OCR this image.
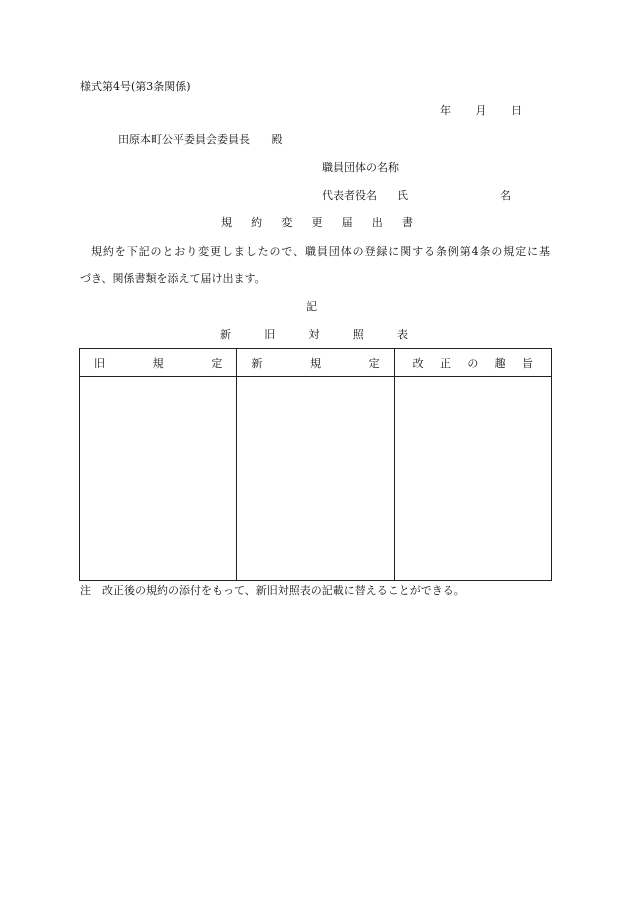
様式第4号(第3条関係)
年 月 日
田原本町公平委員会委員長 殿
職員団体の名称
代表者役名 氏	名
規 約 変 更 届 出 書
規約を下記のとおり変更しましたので、職員団体の登録に関する条例第4条の規定に基
づき、関係書類を添えて届け出ます。
記
新	旧	対	照	表
旧 規 定	新 規 定	改 正 の 趣 旨

注　改正後の規約の添付をもって、新旧対照表の記載に替えることができる。
